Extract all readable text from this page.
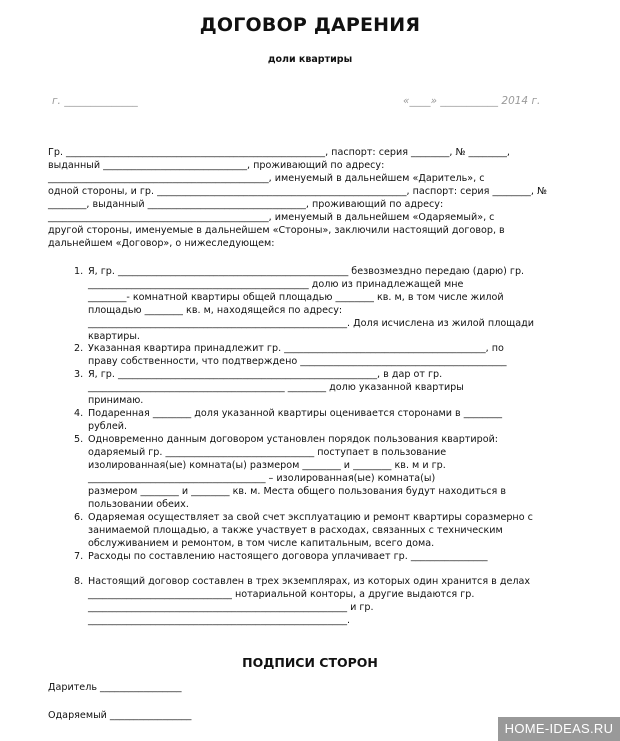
ДОГОВОР ДАРЕНИЯ
доли квартиры
г. ______________	«____» ___________ 2014 г.
Гр. ______________________________________________________, паспорт: серия ________, № ________,
выданный ______________________________, проживающий по адресу:
______________________________________________, именуемый в дальнейшем «Даритель», с
одной стороны, и гр. ____________________________________________________, паспорт: серия ________, №
________, выданный _________________________________, проживающий по адресу:
______________________________________________, именуемый в дальнейшем «Одаряемый», с
другой стороны, именуемые в дальнейшем «Стороны», заключили настоящий договор, в
дальнейшем «Договор», о нижеследующем:
1. Я, гр. ________________________________________________ безвозмездно передаю (дарю) гр.
______________________________________________ долю из принадлежащей мне
________- комнатной квартиры общей площадью ________ кв. м, в том числе жилой
площадью ________ кв. м, находящейся по адресу:
______________________________________________________. Доля исчислена из жилой площади
квартиры.
2. Указанная квартира принадлежит гр. __________________________________________, по
праву собственности, что подтверждено ___________________________________________
3. Я, гр. ______________________________________________________, в дар от гр.
_________________________________________ ________ долю указанной квартиры
принимаю.
4. Подаренная ________ доля указанной квартиры оценивается сторонами в ________
рублей.
5. Одновременно данным договором установлен порядок пользования квартирой:
одаряемый гр. _______________________________ поступает в пользование
изолированная(ые) комната(ы) размером ________ и ________ кв. м и гр.
_____________________________________ – изолированная(ые) комната(ы)
размером ________ и ________ кв. м. Места общего пользования будут находиться в
пользовании обеих.
6. Одаряемая осуществляет за свой счет эксплуатацию и ремонт квартиры соразмерно с
занимаемой площадью, а также участвует в расходах, связанных с техническим
обслуживанием и ремонтом, в том числе капитальным, всего дома.
7. Расходы по составлению настоящего договора уплачивает гр. ________________
8. Настоящий договор составлен в трех экземплярах, из которых один хранится в делах
______________________________ нотариальной конторы, а другие выдаются гр.
______________________________________________________ и гр.
______________________________________________________.
ПОДПИСИ СТОРОН
Даритель _________________
Одаряемый _________________
HOME-IDEAS.RU
